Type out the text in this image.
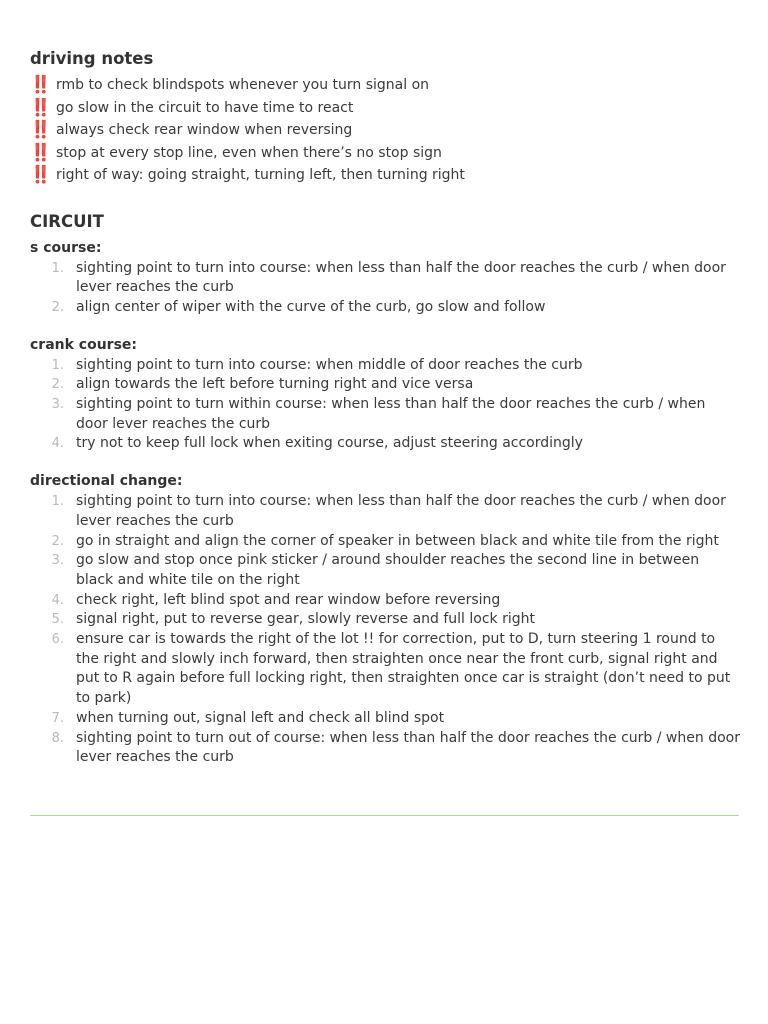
driving notes
‼️ rmb to check blindspots whenever you turn signal on
‼️ go slow in the circuit to have time to react
‼️ always check rear window when reversing
‼️ stop at every stop line, even when there’s no stop sign
‼️ right of way: going straight, turning left, then turning right
CIRCUIT
s course:
1. sighting point to turn into course: when less than half the door reaches the curb / when door lever reaches the curb
2. align center of wiper with the curve of the curb, go slow and follow
crank course:
1. sighting point to turn into course: when middle of door reaches the curb
2. align towards the left before turning right and vice versa
3. sighting point to turn within course: when less than half the door reaches the curb / when door lever reaches the curb
4. try not to keep full lock when exiting course, adjust steering accordingly
directional change:
1. sighting point to turn into course: when less than half the door reaches the curb / when door lever reaches the curb
2. go in straight and align the corner of speaker in between black and white tile from the right
3. go slow and stop once pink sticker / around shoulder reaches the second line in between black and white tile on the right
4. check right, left blind spot and rear window before reversing
5. signal right, put to reverse gear, slowly reverse and full lock right
6. ensure car is towards the right of the lot !! for correction, put to D, turn steering 1 round to the right and slowly inch forward, then straighten once near the front curb, signal right and put to R again before full locking right, then straighten once car is straight (don’t need to put to park)
7. when turning out, signal left and check all blind spot
8. sighting point to turn out of course: when less than half the door reaches the curb / when door lever reaches the curb
